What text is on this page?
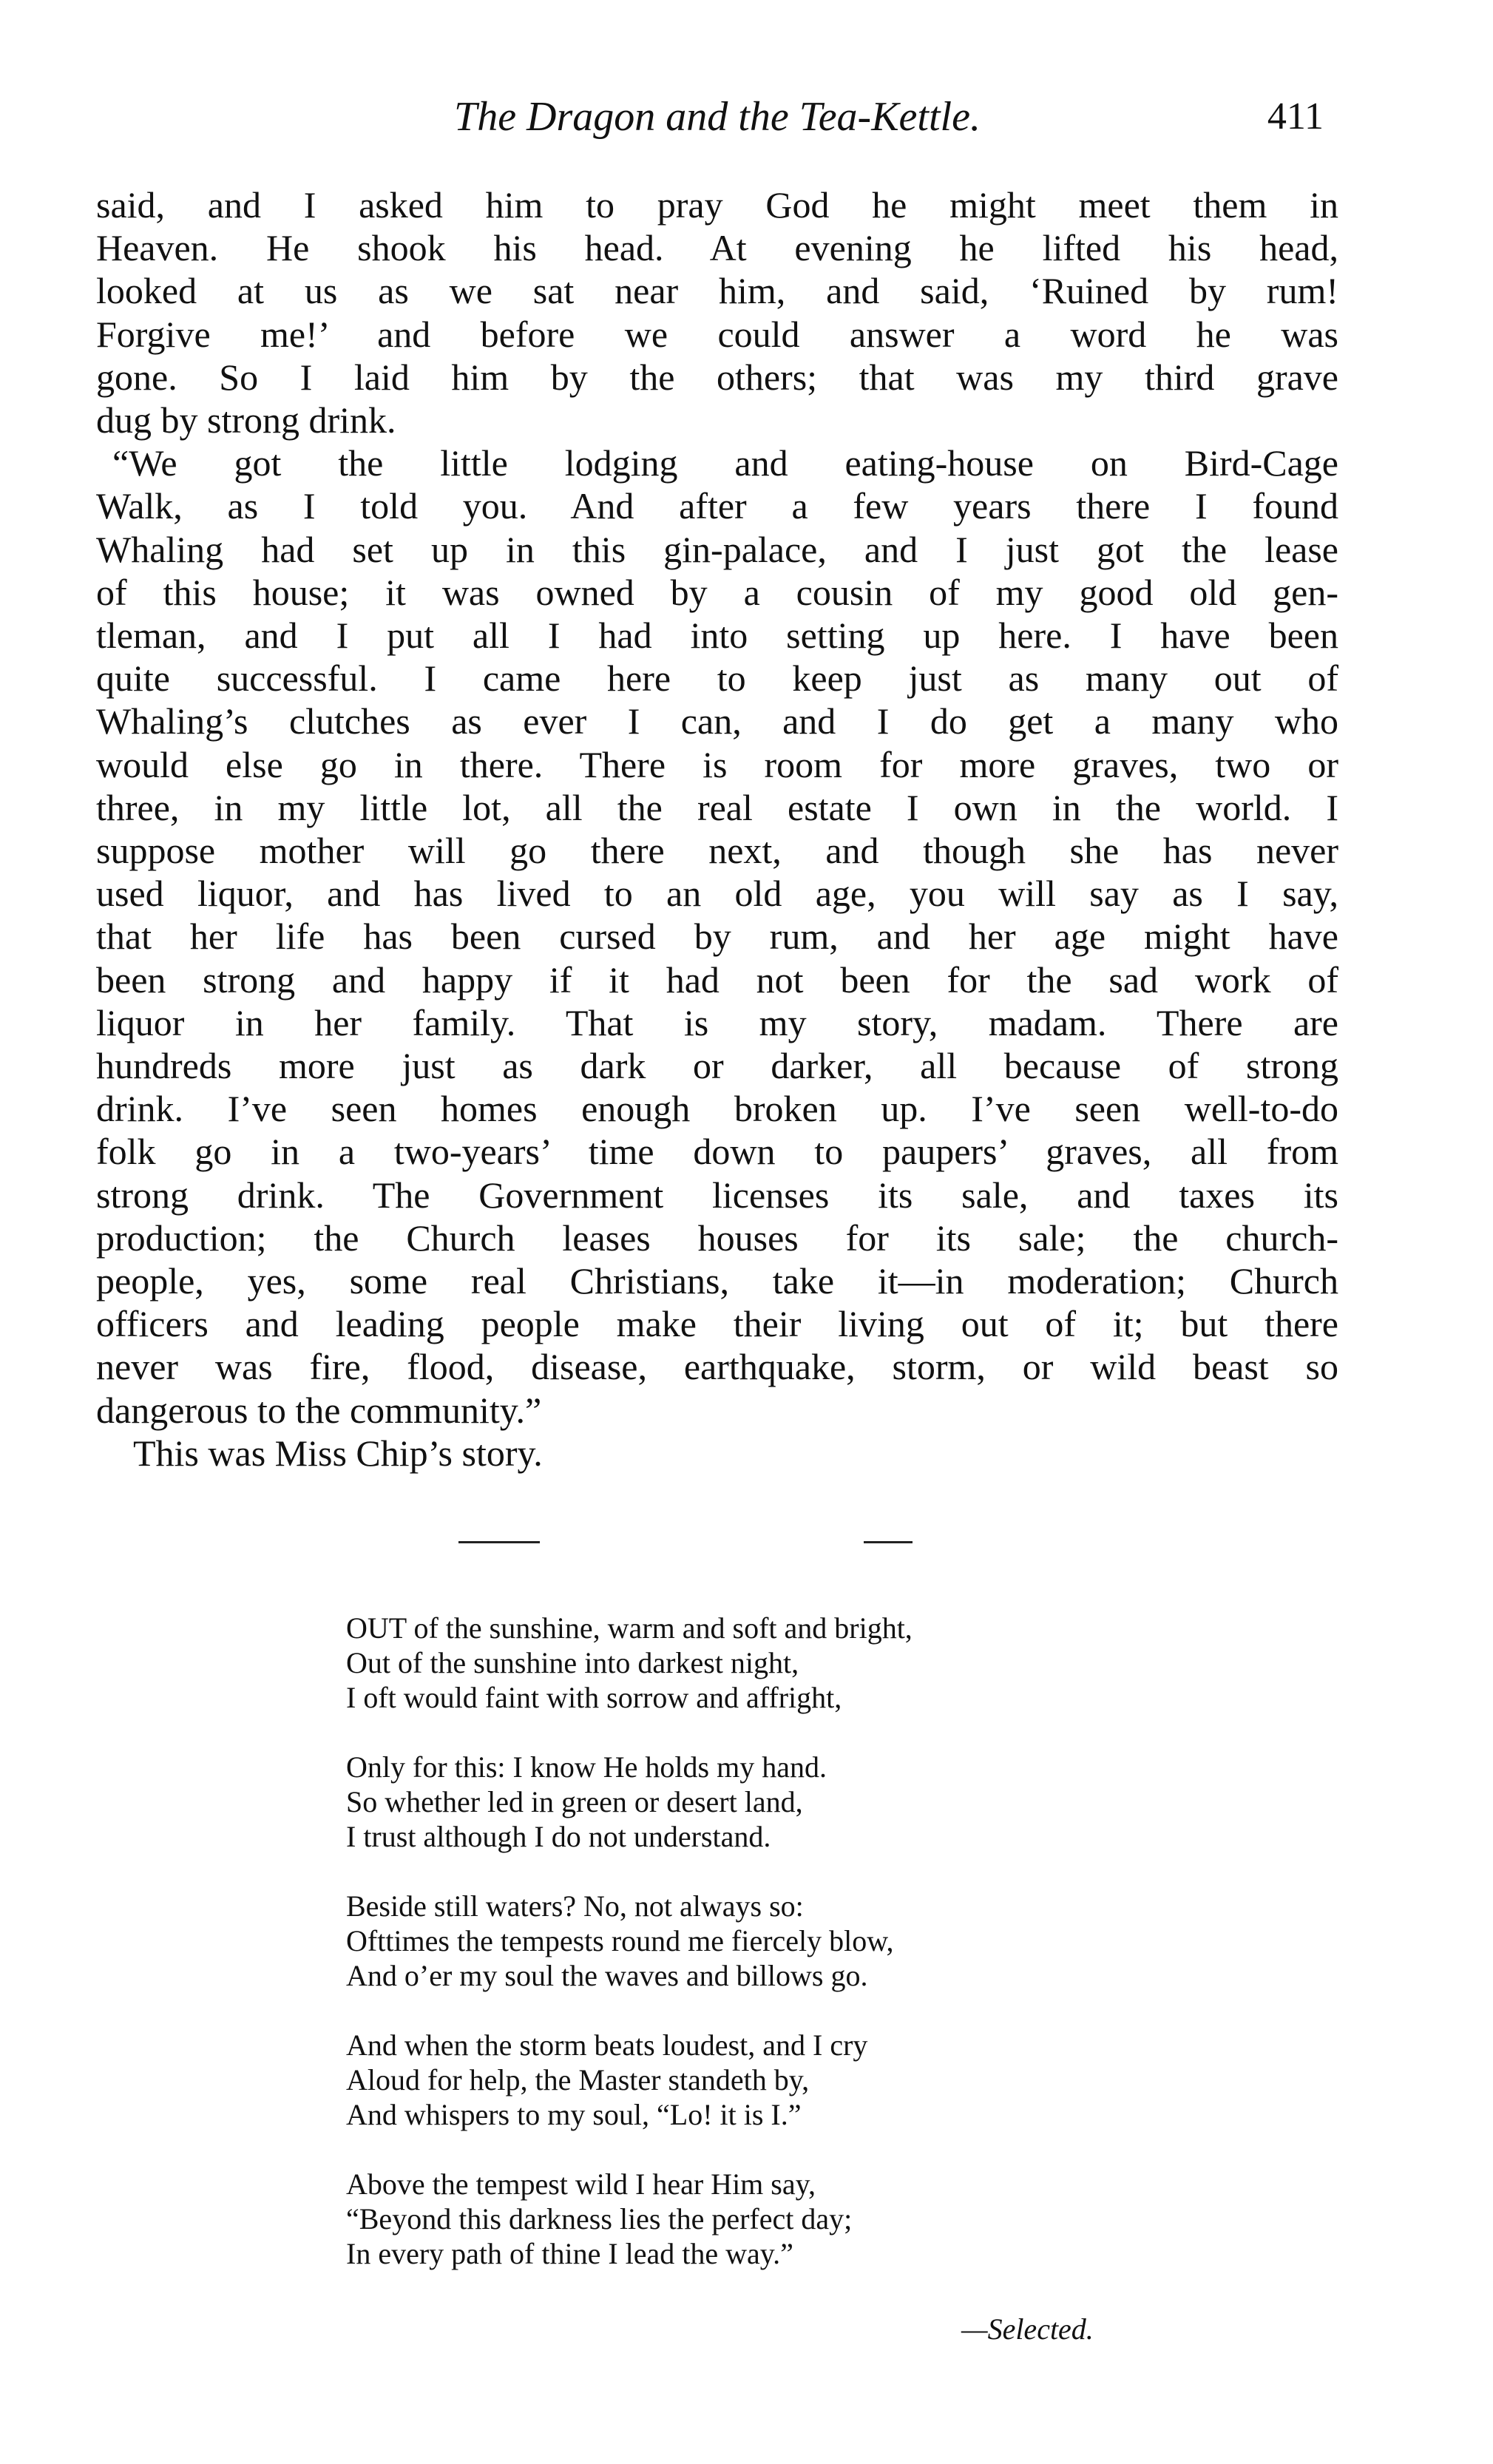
The Dragon and the Tea-Kettle.	411
said, and I asked him to pray God he might meet them in
Heaven. He shook his head. At evening he lifted his head,
looked at us as we sat near him, and said, ‘Ruined by rum!
Forgive me!’ and before we could answer a word he was
gone. So I laid him by the others; that was my third grave
dug by strong drink.
“We got the little lodging and eating-house on Bird-Cage
Walk, as I told you. And after a few years there I found
Whaling had set up in this gin-palace, and I just got the lease
of this house; it was owned by a cousin of my good old gen-
tleman, and I put all I had into setting up here. I have been
quite successful. I came here to keep just as many out of
Whaling’s clutches as ever I can, and I do get a many who
would else go in there. There is room for more graves, two or
three, in my little lot, all the real estate I own in the world. I
suppose mother will go there next, and though she has never
used liquor, and has lived to an old age, you will say as I say,
that her life has been cursed by rum, and her age might have
been strong and happy if it had not been for the sad work of
liquor in her family. That is my story, madam. There are
hundreds more just as dark or darker, all because of strong
drink. I’ve seen homes enough broken up. I’ve seen well-to-do
folk go in a two-years’ time down to paupers’ graves, all from
strong drink. The Government licenses its sale, and taxes its
production; the Church leases houses for its sale; the church-
people, yes, some real Christians, take it—in moderation; Church
officers and leading people make their living out of it; but there
never was fire, flood, disease, earthquake, storm, or wild beast so
dangerous to the community.”
This was Miss Chip’s story.
OUT of the sunshine, warm and soft and bright,
Out of the sunshine into darkest night,
I oft would faint with sorrow and affright,
Only for this: I know He holds my hand.
So whether led in green or desert land,
I trust although I do not understand.
Beside still waters? No, not always so:
Ofttimes the tempests round me fiercely blow,
And o’er my soul the waves and billows go.
And when the storm beats loudest, and I cry
Aloud for help, the Master standeth by,
And whispers to my soul, “Lo! it is I.”
Above the tempest wild I hear Him say,
“Beyond this darkness lies the perfect day;
In every path of thine I lead the way.”
—Selected.
